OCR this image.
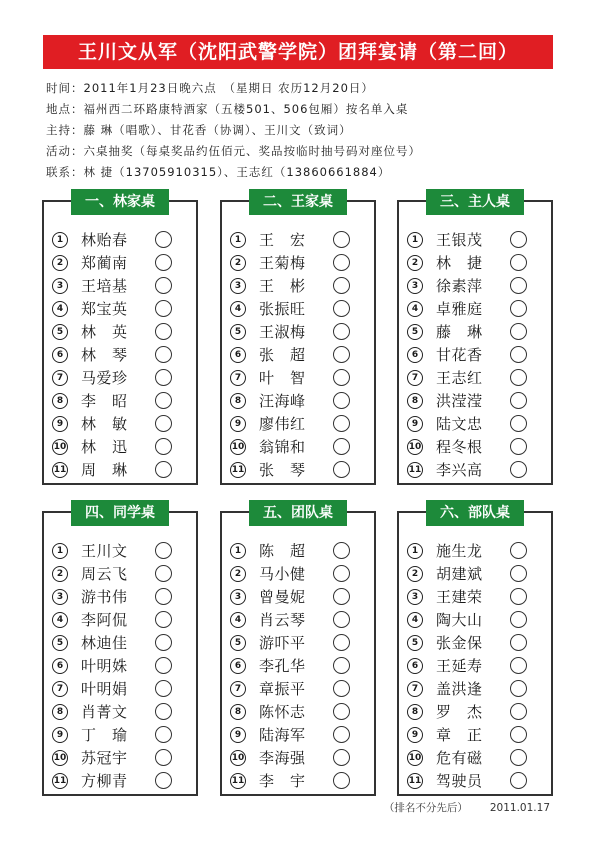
王川文从军（沈阳武警学院）团拜宴请（第二回）
时间：2011年1月23日晚六点　（星期日 农历12月20日）
地点：福州西二环路康特酒家（五楼501、506包厢）按名单入桌
主持：藤 琳（唱歌）、甘花香（协调）、王川文（致词）
活动：六桌抽奖（每桌奖品约伍佰元、奖品按临时抽号码对座位号）
联系：林 捷（13705910315）、王志红（13860661884）
一、林家桌
1	林贻春
2	郑蔺南
3	王培基
4	郑宝英
5	林　英
6	林　琴
7	马爱珍
8	李　昭
9	林　敏
10 林　迅
11 周　琳
二、王家桌
1	王　宏
2	王菊梅
3	王　彬
4	张振旺
5	王淑梅
6	张　超
7	叶　智
8	汪海峰
9	廖伟红
10 翁锦和
11 张　琴
三、主人桌
1	王银茂
2	林　捷
3	徐素萍
4	卓雅庭
5	藤　琳
6	甘花香
7	王志红
8	洪滢滢
9	陆文忠
10 程冬根
11 李兴高
四、同学桌
1	王川文
2	周云飞
3	游书伟
4	李阿侃
5	林迪佳
6	叶明姝
7	叶明娟
8	肖菁文
9	丁　瑜
10 苏冠宇
11 方柳青
五、团队桌
1	陈　超
2	马小健
3	曾曼妮
4	肖云琴
5	游吓平
6	李孔华
7	章振平
8	陈怀志
9	陆海军
10 李海强
11 李　宇
六、部队桌
1	施生龙
2	胡建斌
3	王建荣
4	陶大山
5	张金保
6	王延寿
7	盖洪逢
8	罗　杰
9	章　正
10 危有磁
11 驾驶员
（排名不分先后） 2011.01.17
